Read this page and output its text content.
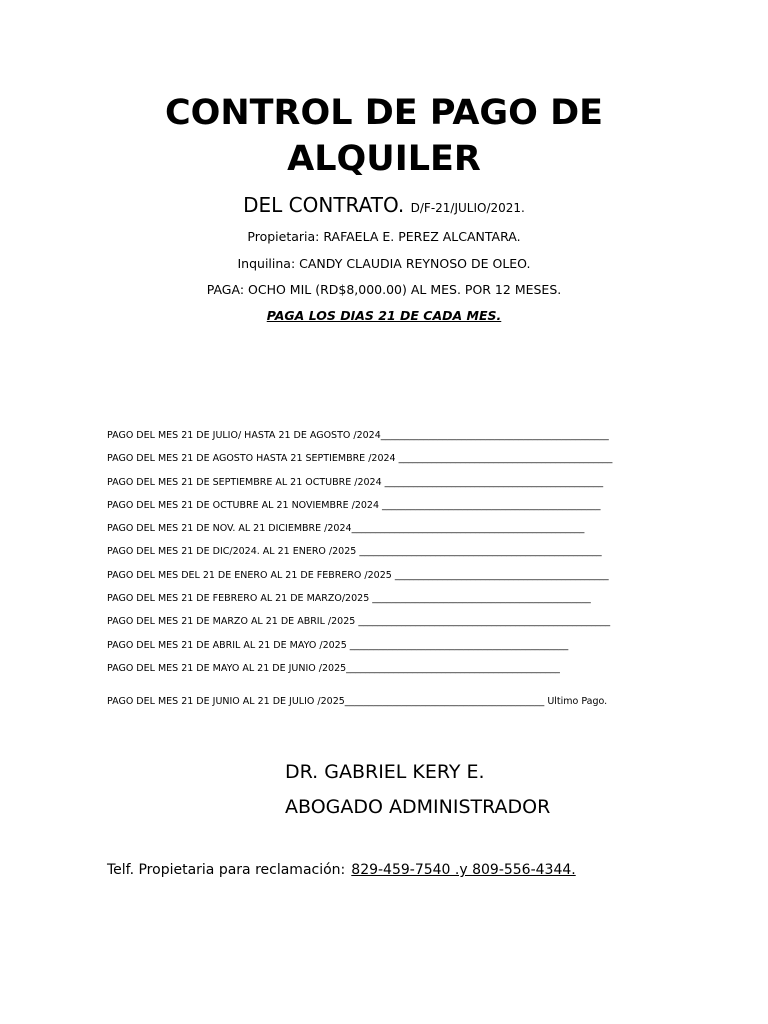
CONTROL DE PAGO DE
ALQUILER
DEL CONTRATO. D/F-21/JULIO/2021.
Propietaria: RAFAELA E. PEREZ ALCANTARA.
Inquilina: CANDY CLAUDIA REYNOSO DE OLEO.
PAGA: OCHO MIL (RD$8,000.00) AL MES. POR 12 MESES.
PAGA LOS DIAS 21 DE CADA MES.
PAGO DEL MES 21 DE JULIO/ HASTA 21 DE AGOSTO /2024________________________________________________
PAGO DEL MES 21 DE AGOSTO HASTA 21 SEPTIEMBRE /2024 _____________________________________________
PAGO DEL MES 21 DE SEPTIEMBRE AL 21 OCTUBRE /2024 ______________________________________________
PAGO DEL MES 21 DE OCTUBRE AL 21 NOVIEMBRE /2024 ______________________________________________
PAGO DEL MES 21 DE NOV. AL 21 DICIEMBRE /2024_________________________________________________
PAGO DEL MES 21 DE DIC/2024. AL 21 ENERO /2025 ___________________________________________________
PAGO DEL MES DEL 21 DE ENERO AL 21 DE FEBRERO /2025 _____________________________________________
PAGO DEL MES 21 DE FEBRERO AL 21 DE MARZO/2025 ______________________________________________
PAGO DEL MES 21 DE MARZO AL 21 DE ABRIL /2025 _____________________________________________________
PAGO DEL MES 21 DE ABRIL AL 21 DE MAYO /2025 ______________________________________________
PAGO DEL MES 21 DE MAYO AL 21 DE JUNIO /2025_____________________________________________
PAGO DEL MES 21 DE JUNIO AL 21 DE JULIO /2025__________________________________________ Ultimo Pago.
DR. GABRIEL KERY E.
ABOGADO ADMINISTRADOR
Telf. Propietaria para reclamación: 829-459-7540 .y 809-556-4344.
